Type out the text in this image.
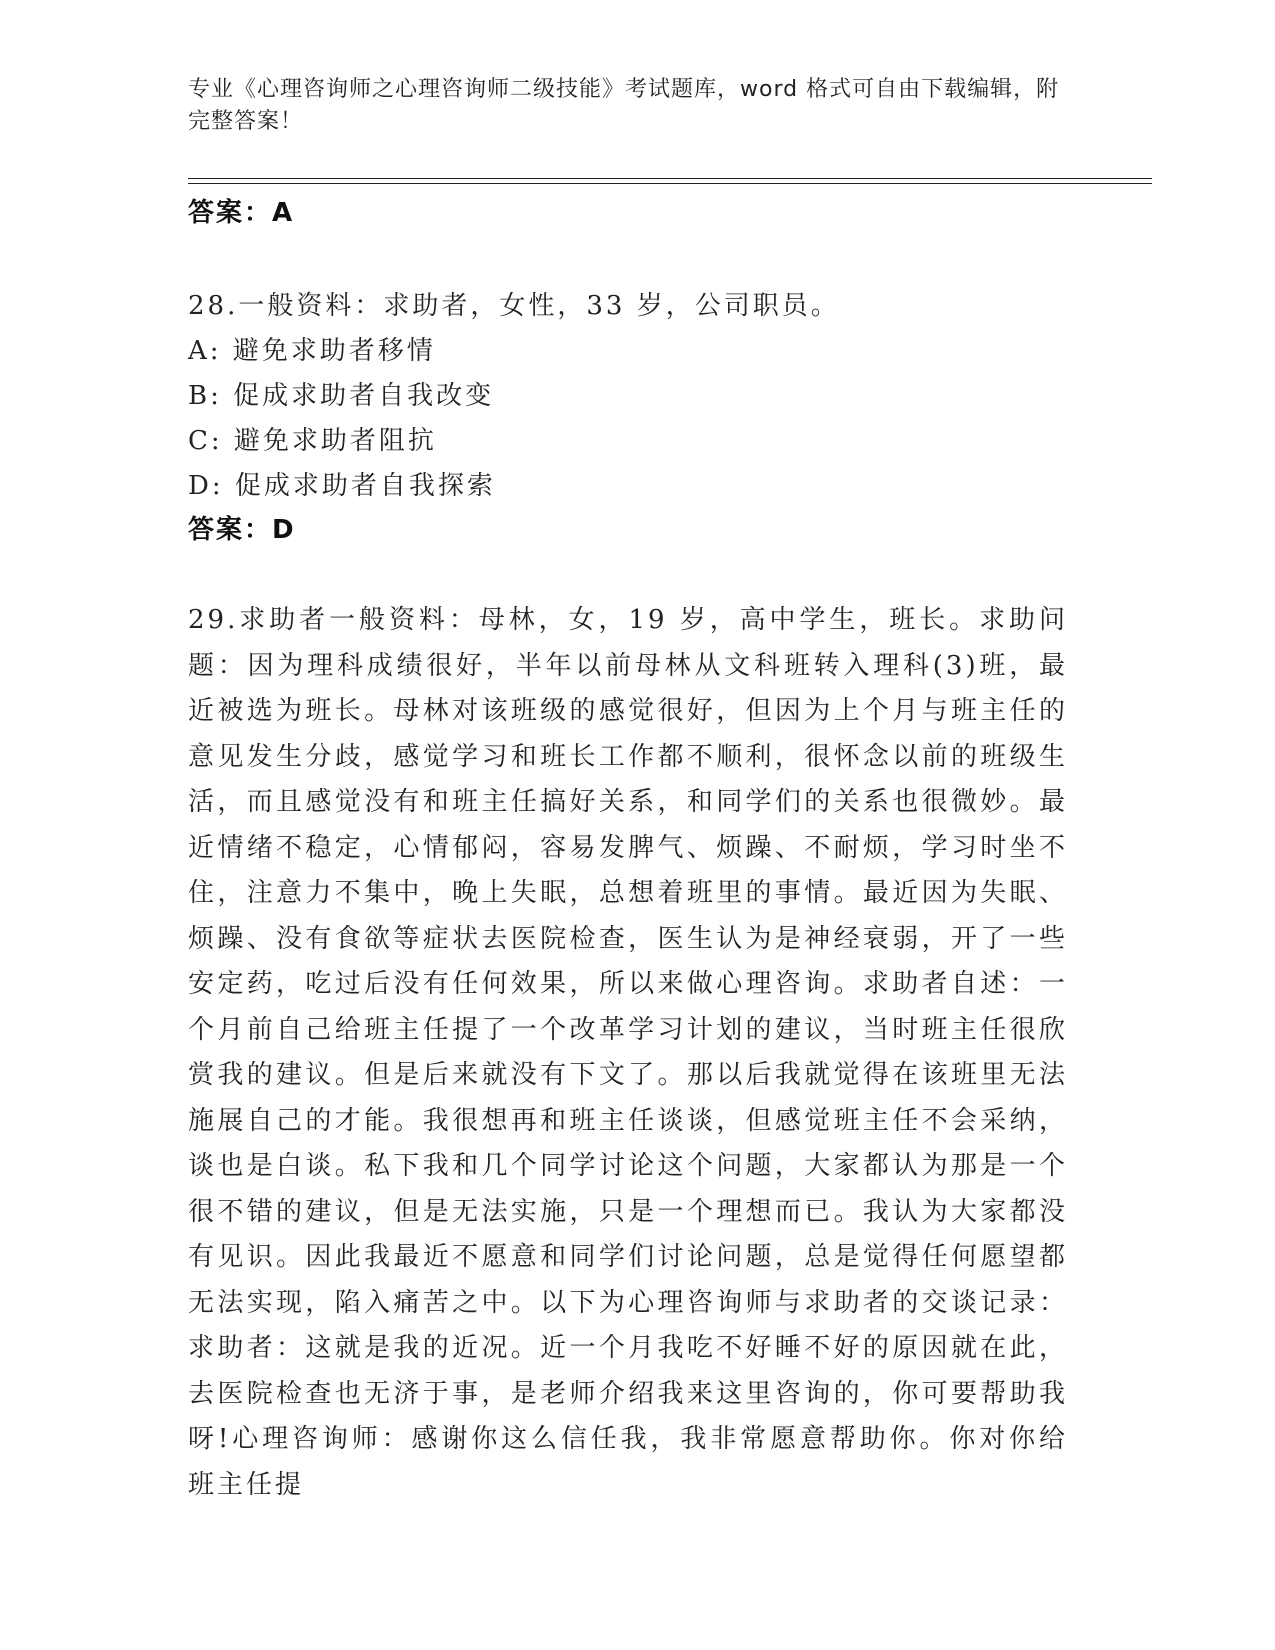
专业《心理咨询师之心理咨询师二级技能》考试题库，word 格式可自由下载编辑，附完整答案！
答案：A
28.一般资料：求助者，女性，33 岁，公司职员。
A: 避免求助者移情
B: 促成求助者自我改变
C: 避免求助者阻抗
D: 促成求助者自我探索
答案：D

29.求助者一般资料：母林，女，19 岁，高中学生，班长。求助问题：因为理科成绩很好，半年以前母林从文科班转入理科(3)班，最近被选为班长。母林对该班级的感觉很好，但因为上个月与班主任的意见发生分歧，感觉学习和班长工作都不顺利，很怀念以前的班级生活，而且感觉没有和班主任搞好关系，和同学们的关系也很微妙。最近情绪不稳定，心情郁闷，容易发脾气、烦躁、不耐烦，学习时坐不住，注意力不集中，晚上失眠，总想着班里的事情。最近因为失眠、烦躁、没有食欲等症状去医院检查，医生认为是神经衰弱，开了一些安定药，吃过后没有任何效果，所以来做心理咨询。求助者自述：一个月前自己给班主任提了一个改革学习计划的建议，当时班主任很欣赏我的建议。但是后来就没有下文了。那以后我就觉得在该班里无法施展自己的才能。我很想再和班主任谈谈，但感觉班主任不会采纳，谈也是白谈。私下我和几个同学讨论这个问题，大家都认为那是一个很不错的建议，但是无法实施，只是一个理想而已。我认为大家都没有见识。因此我最近不愿意和同学们讨论问题，总是觉得任何愿望都无法实现，陷入痛苦之中。以下为心理咨询师与求助者的交谈记录：求助者：这就是我的近况。近一个月我吃不好睡不好的原因就在此，去医院检查也无济于事，是老师介绍我来这里咨询的，你可要帮助我呀!心理咨询师：感谢你这么信任我，我非常愿意帮助你。你对你给班主任提
